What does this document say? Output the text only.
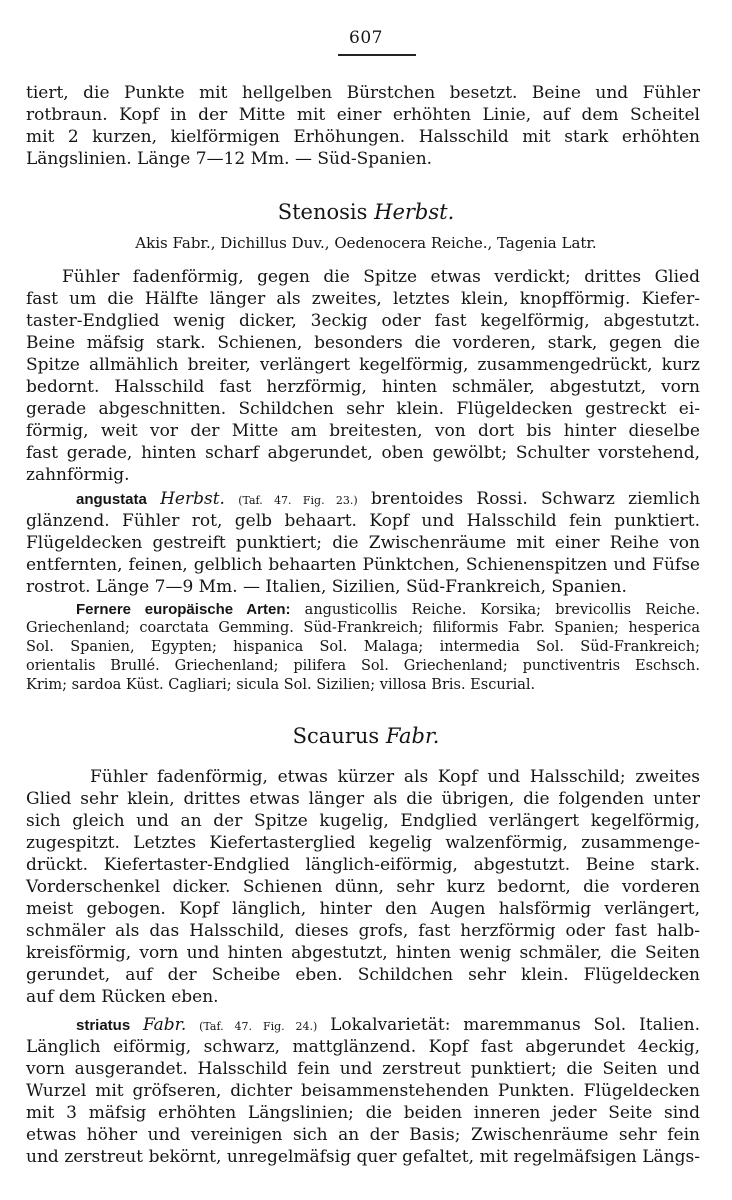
607
tiert, die Punkte mit hellgelben Bürstchen besetzt. Beine und Fühler
rotbraun. Kopf in der Mitte mit einer erhöhten Linie, auf dem Scheitel
mit 2 kurzen, kielförmigen Erhöhungen. Halsschild mit stark erhöhten
Längslinien. Länge 7—12 Mm. — Süd-Spanien.
Stenosis Herbst.
Akis Fabr., Dichillus Duv., Oedenocera Reiche., Tagenia Latr.
Fühler fadenförmig, gegen die Spitze etwas verdickt; drittes Glied
fast um die Hälfte länger als zweites, letztes klein, knopfförmig. Kiefer-
taster-Endglied wenig dicker, 3eckig oder fast kegelförmig, abgestutzt.
Beine mäfsig stark. Schienen, besonders die vorderen, stark, gegen die
Spitze allmählich breiter, verlängert kegelförmig, zusammengedrückt, kurz
bedornt. Halsschild fast herzförmig, hinten schmäler, abgestutzt, vorn
gerade abgeschnitten. Schildchen sehr klein. Flügeldecken gestreckt ei-
förmig, weit vor der Mitte am breitesten, von dort bis hinter dieselbe
fast gerade, hinten scharf abgerundet, oben gewölbt; Schulter vorstehend,
zahnförmig.
angustata Herbst. (Taf. 47. Fig. 23.) brentoides Rossi. Schwarz ziemlich
glänzend. Fühler rot, gelb behaart. Kopf und Halsschild fein punktiert.
Flügeldecken gestreift punktiert; die Zwischenräume mit einer Reihe von
entfernten, feinen, gelblich behaarten Pünktchen, Schienenspitzen und Füfse
rostrot. Länge 7—9 Mm. — Italien, Sizilien, Süd-Frankreich, Spanien.
Fernere europäische Arten: angusticollis Reiche. Korsika; brevicollis Reiche.
Griechenland; coarctata Gemming. Süd-Frankreich; filiformis Fabr. Spanien; hesperica
Sol. Spanien, Egypten; hispanica Sol. Malaga; intermedia Sol. Süd-Frankreich;
orientalis Brullé. Griechenland; pilifera Sol. Griechenland; punctiventris Eschsch.
Krim; sardoa Küst. Cagliari; sicula Sol. Sizilien; villosa Bris. Escurial.
Scaurus Fabr.
Fühler fadenförmig, etwas kürzer als Kopf und Halsschild; zweites
Glied sehr klein, drittes etwas länger als die übrigen, die folgenden unter
sich gleich und an der Spitze kugelig, Endglied verlängert kegelförmig,
zugespitzt. Letztes Kiefertasterglied kegelig walzenförmig, zusammenge-
drückt. Kiefertaster-Endglied länglich-eiförmig, abgestutzt. Beine stark.
Vorderschenkel dicker. Schienen dünn, sehr kurz bedornt, die vorderen
meist gebogen. Kopf länglich, hinter den Augen halsförmig verlängert,
schmäler als das Halsschild, dieses grofs, fast herzförmig oder fast halb-
kreisförmig, vorn und hinten abgestutzt, hinten wenig schmäler, die Seiten
gerundet, auf der Scheibe eben. Schildchen sehr klein. Flügeldecken
auf dem Rücken eben.
striatus Fabr. (Taf. 47. Fig. 24.) Lokalvarietät: maremmanus Sol. Italien.
Länglich eiförmig, schwarz, mattglänzend. Kopf fast abgerundet 4eckig,
vorn ausgerandet. Halsschild fein und zerstreut punktiert; die Seiten und
Wurzel mit gröfseren, dichter beisammenstehenden Punkten. Flügeldecken
mit 3 mäfsig erhöhten Längslinien; die beiden inneren jeder Seite sind
etwas höher und vereinigen sich an der Basis; Zwischenräume sehr fein
und zerstreut bekörnt, unregelmäfsig quer gefaltet, mit regelmäfsigen Längs-
